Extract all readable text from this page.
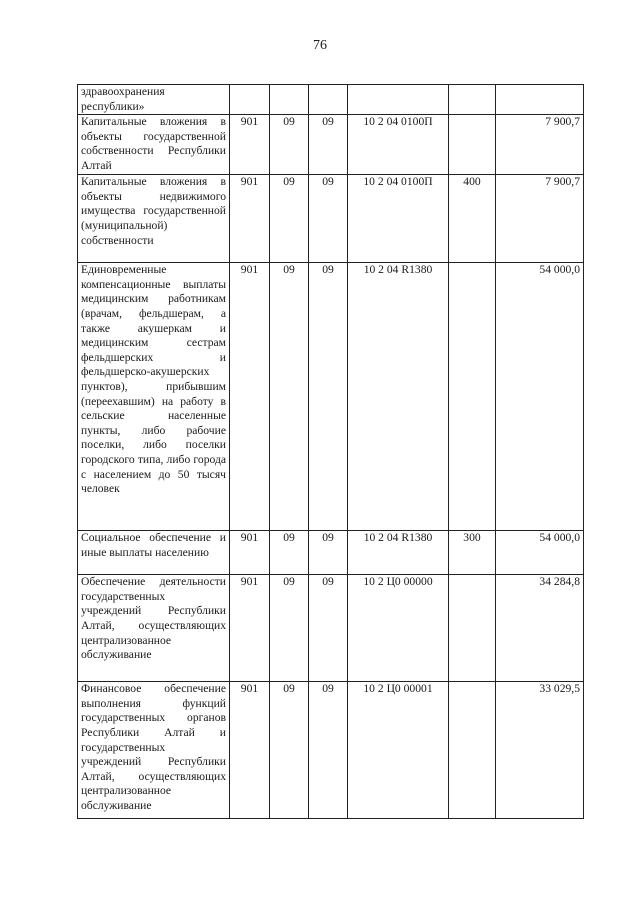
76
здравоохранения республики»						
Капитальные вложения в объекты государственной собственности Республики Алтай	901	09	09	10 2 04 0100П		7 900,7
Капитальные вложения в объекты недвижимого имущества государственной (муниципальной) собственности	901	09	09	10 2 04 0100П	400	7 900,7
Единовременные компенсационные выплаты медицинским работникам (врачам, фельдшерам, а также акушеркам и медицинским сестрам фельдшерских и фельдшерско-акушерских пунктов), прибывшим (переехавшим) на работу в сельские населенные пункты, либо рабочие поселки, либо поселки городского типа, либо города с населением до 50 тысяч человек	901	09	09	10 2 04 R1380		54 000,0
Социальное обеспечение и иные выплаты населению	901	09	09	10 2 04 R1380	300	54 000,0
Обеспечение деятельности государственных учреждений Республики Алтай, осуществляющих централизованное обслуживание	901	09	09	10 2 Ц0 00000		34 284,8
Финансовое обеспечение выполнения функций государственных органов Республики Алтай и государственных учреждений Республики Алтай, осуществляющих централизованное обслуживание	901	09	09	10 2 Ц0 00001		33 029,5
